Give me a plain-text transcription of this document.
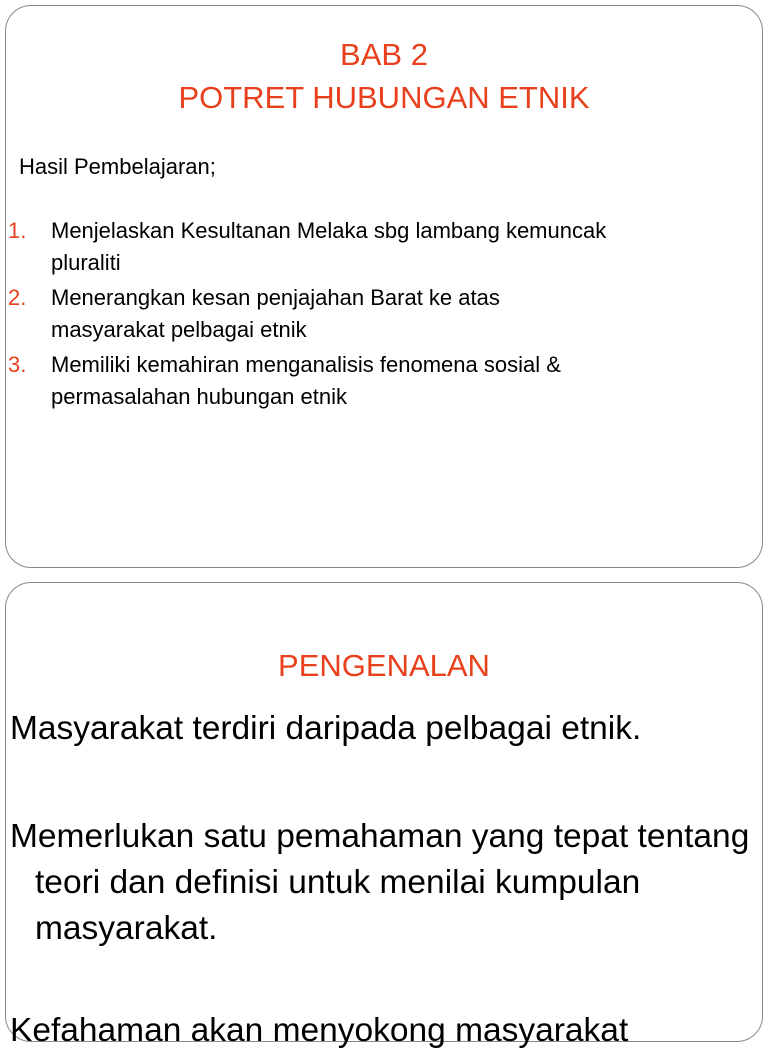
BAB 2
POTRET HUBUNGAN ETNIK
Hasil Pembelajaran;
1. Menjelaskan Kesultanan Melaka sbg lambang kemuncak
pluraliti
2. Menerangkan kesan penjajahan Barat ke atas
masyarakat pelbagai etnik
3. Memiliki kemahiran menganalisis fenomena sosial &
permasalahan hubungan etnik
PENGENALAN
Masyarakat terdiri daripada pelbagai etnik.
Memerlukan satu pemahaman yang tepat tentang teori dan definisi untuk menilai kumpulan masyarakat.
Kefahaman akan menyokong masyarakat
